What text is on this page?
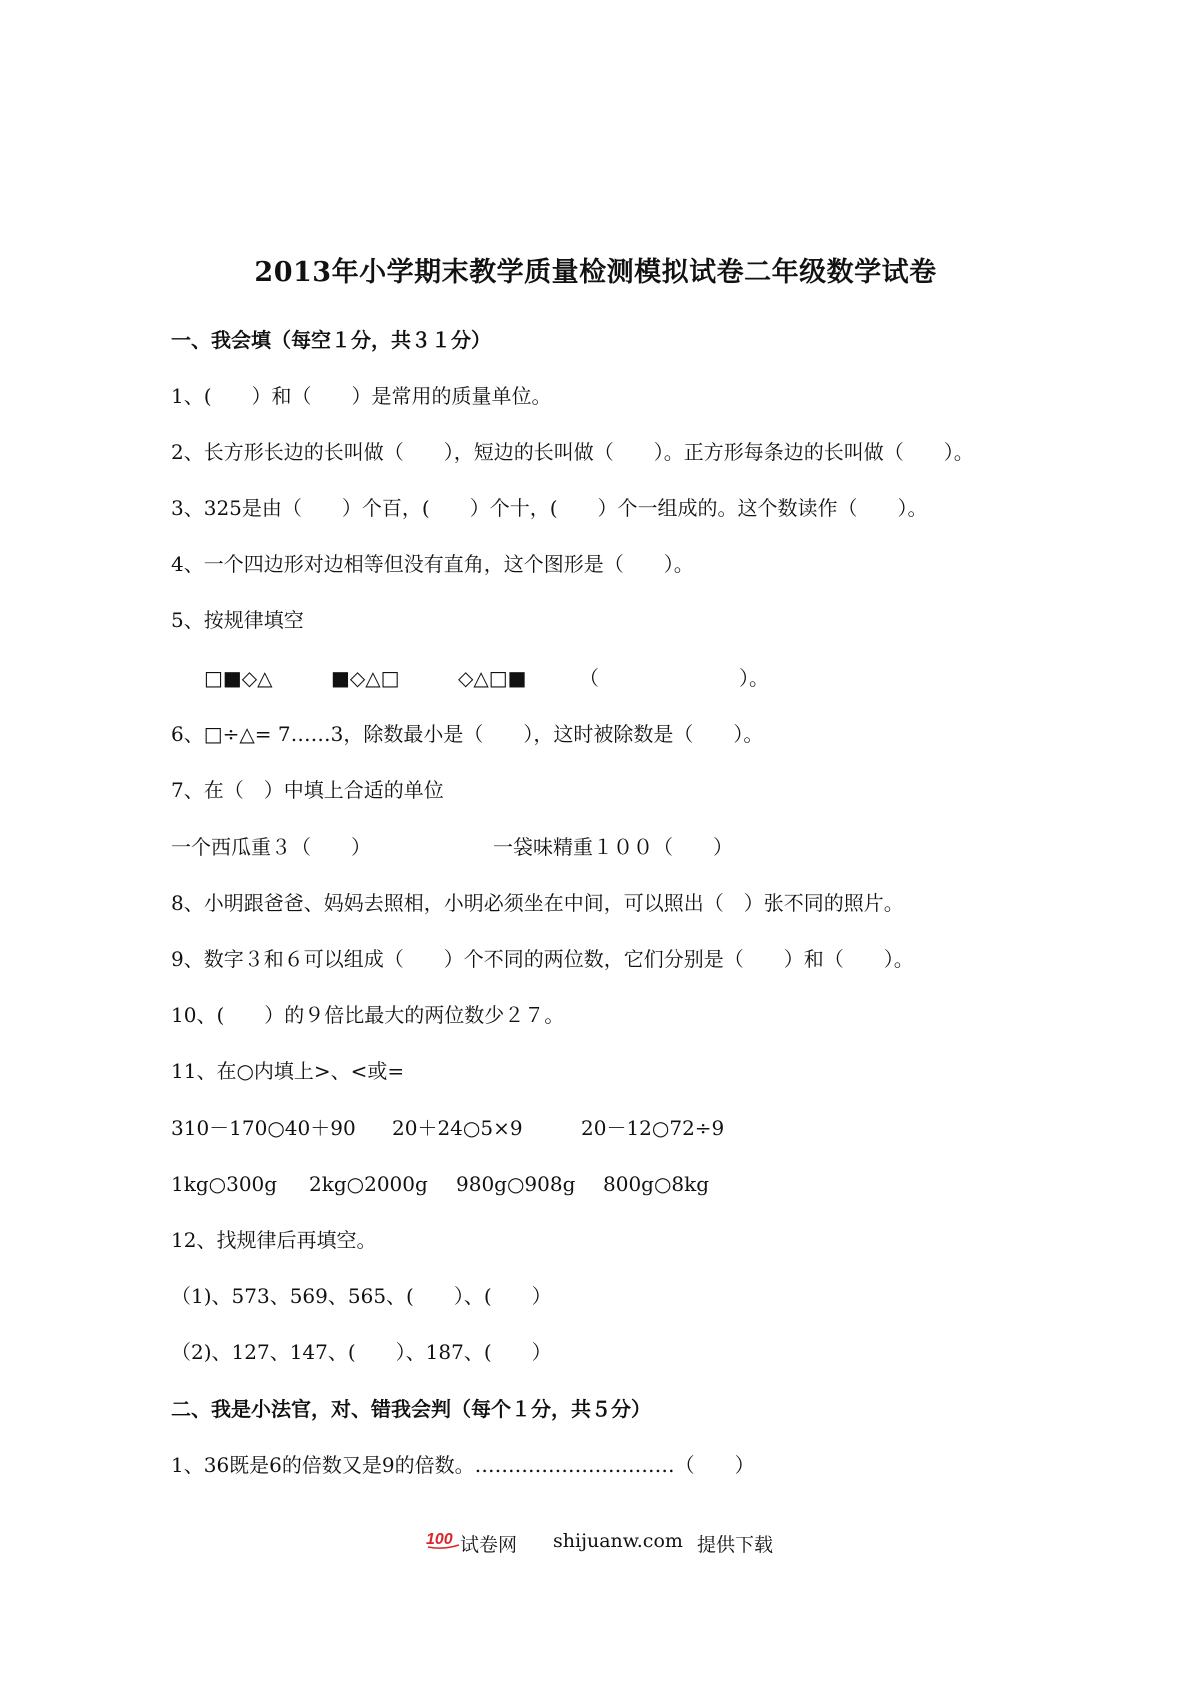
2013年小学期末教学质量检测模拟试卷二年级数学试卷
一、我会填（每空１分，共３１分）
1、(　　）和（　　）是常用的质量单位。
2、长方形长边的长叫做（　　），短边的长叫做（　　）。正方形每条边的长叫做（　　）。
3、325是由（　　）个百，(　　）个十，(　　）个一组成的。这个数读作（　　）。
4、一个四边形对边相等但没有直角，这个图形是（　　）。
5、按规律填空

□■◇△

	■◇△□

	◇△□■

	（　　　　　　　）。

6、□÷△= 7……3，除数最小是（　　），这时被除数是（　　）。
7、在（　）中填上合适的单位

一个西瓜重３（　　）

	一袋味精重１００（　　）

8、小明跟爸爸、妈妈去照相，小明必须坐在中间，可以照出（　）张不同的照片。
9、数字３和６可以组成（　　）个不同的两位数，它们分别是（　　）和（　　）。
10、(　　）的９倍比最大的两位数少２７。
11、在○内填上>、<或=

310－170○40＋90

20＋24○5×9

	20－12○72÷9

1kg○300g

2kg○2000g

980g○908g

800g○8kg

12、找规律后再填空。
（1)、573、569、565、(　　）、(　　）
（2)、127、147、(　　）、187、(　　）
二、我是小法官，对、错我会判（每个１分，共５分）
1、36既是6的倍数又是9的倍数。…………………………（　　）
100 试卷网 shijuanw.com 提供下载
